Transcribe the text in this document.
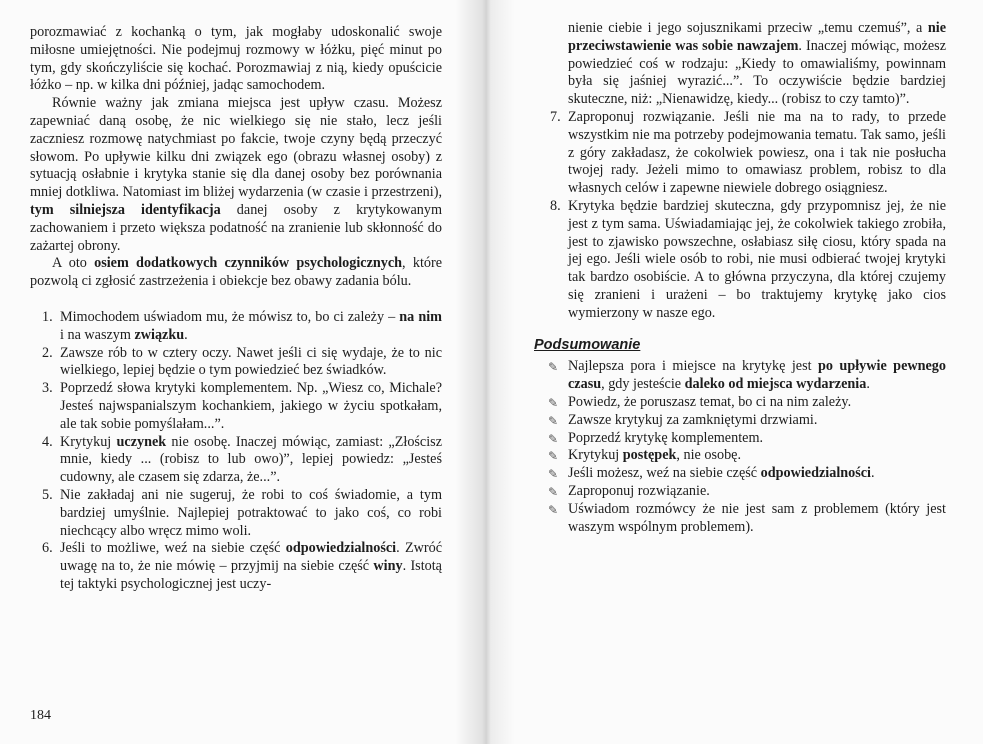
porozmawiać z kochanką o tym, jak mogłaby udoskonalić swoje miłosne umiejętności. Nie podejmuj rozmowy w łóżku, pięć minut po tym, gdy skończyliście się kochać. Porozmawiaj z nią, kiedy opuścicie łóżko – np. w kilka dni później, jadąc samochodem.

Równie ważny jak zmiana miejsca jest upływ czasu. Możesz zapewniać daną osobę, że nic wielkiego się nie stało, lecz jeśli zaczniesz rozmowę natychmiast po fakcie, twoje czyny będą przeczyć słowom. Po upływie kilku dni związek ego (obrazu własnej osoby) z sytuacją osłabnie i krytyka stanie się dla danej osoby bez porównania mniej dotkliwa. Natomiast im bliżej wydarzenia (w czasie i przestrzeni), tym silniejsza identyfikacja danej osoby z krytykowanym zachowaniem i przeto większa podatność na zranienie lub skłonność do zażartej obrony.

A oto osiem dodatkowych czynników psychologicznych, które pozwolą ci zgłosić zastrzeżenia i obiekcje bez obawy zadania bólu.

1. Mimochodem uświadom mu, że mówisz to, bo ci zależy – na nim i na waszym związku.
2. Zawsze rób to w cztery oczy. Nawet jeśli ci się wydaje, że to nic wielkiego, lepiej będzie o tym powiedzieć bez świadków.
3. Poprzedź słowa krytyki komplementem. Np. „Wiesz co, Michale? Jesteś najwspanialszym kochankiem, jakiego w życiu spotkałam, ale tak sobie pomyślałam...”.
4. Krytykuj uczynek nie osobę. Inaczej mówiąc, zamiast: „Złościsz mnie, kiedy ... (robisz to lub owo)”, lepiej powiedz: „Jesteś cudowny, ale czasem się zdarza, że...”.
5. Nie zakładaj ani nie sugeruj, że robi to coś świadomie, a tym bardziej umyślnie. Najlepiej potraktować to jako coś, co robi niechcący albo wręcz mimo woli.
6. Jeśli to możliwe, weź na siebie część odpowiedzialności. Zwróć uwagę na to, że nie mówię – przyjmij na siebie część winy. Istotą tej taktyki psychologicznej jest uczy-
184

nienie ciebie i jego sojusznikami przeciw „temu czemuś”, a nie przeciwstawienie was sobie nawzajem. Inaczej mówiąc, możesz powiedzieć coś w rodzaju: „Kiedy to omawialiśmy, powinnam była się jaśniej wyrazić...”. To oczywiście będzie bardziej skuteczne, niż: „Nienawidzę, kiedy... (robisz to czy tamto)”.

7. Zaproponuj rozwiązanie. Jeśli nie ma na to rady, to przede wszystkim nie ma potrzeby podejmowania tematu. Tak samo, jeśli z góry zakładasz, że cokolwiek powiesz, ona i tak nie posłucha twojej rady. Jeżeli mimo to omawiasz problem, robisz to dla własnych celów i zapewne niewiele dobrego osiągniesz.
8. Krytyka będzie bardziej skuteczna, gdy przypomnisz jej, że nie jest z tym sama. Uświadamiając jej, że cokolwiek takiego zrobiła, jest to zjawisko powszechne, osłabiasz siłę ciosu, który spada na jej ego. Jeśli wiele osób to robi, nie musi odbierać twojej krytyki tak bardzo osobiście. A to główna przyczyna, dla której czujemy się zranieni i urażeni – bo traktujemy krytykę jako cios wymierzony w nasze ego.
Podsumowanie
✎ Najlepsza pora i miejsce na krytykę jest po upływie pewnego czasu, gdy jesteście daleko od miejsca wydarzenia.
✎ Powiedz, że poruszasz temat, bo ci na nim zależy.
✎ Zawsze krytykuj za zamkniętymi drzwiami.
✎ Poprzedź krytykę komplementem.
✎ Krytykuj postępek, nie osobę.
✎ Jeśli możesz, weź na siebie część odpowiedzialności.
✎ Zaproponuj rozwiązanie.
✎ Uświadom rozmówcy że nie jest sam z problemem (który jest waszym wspólnym problemem).
